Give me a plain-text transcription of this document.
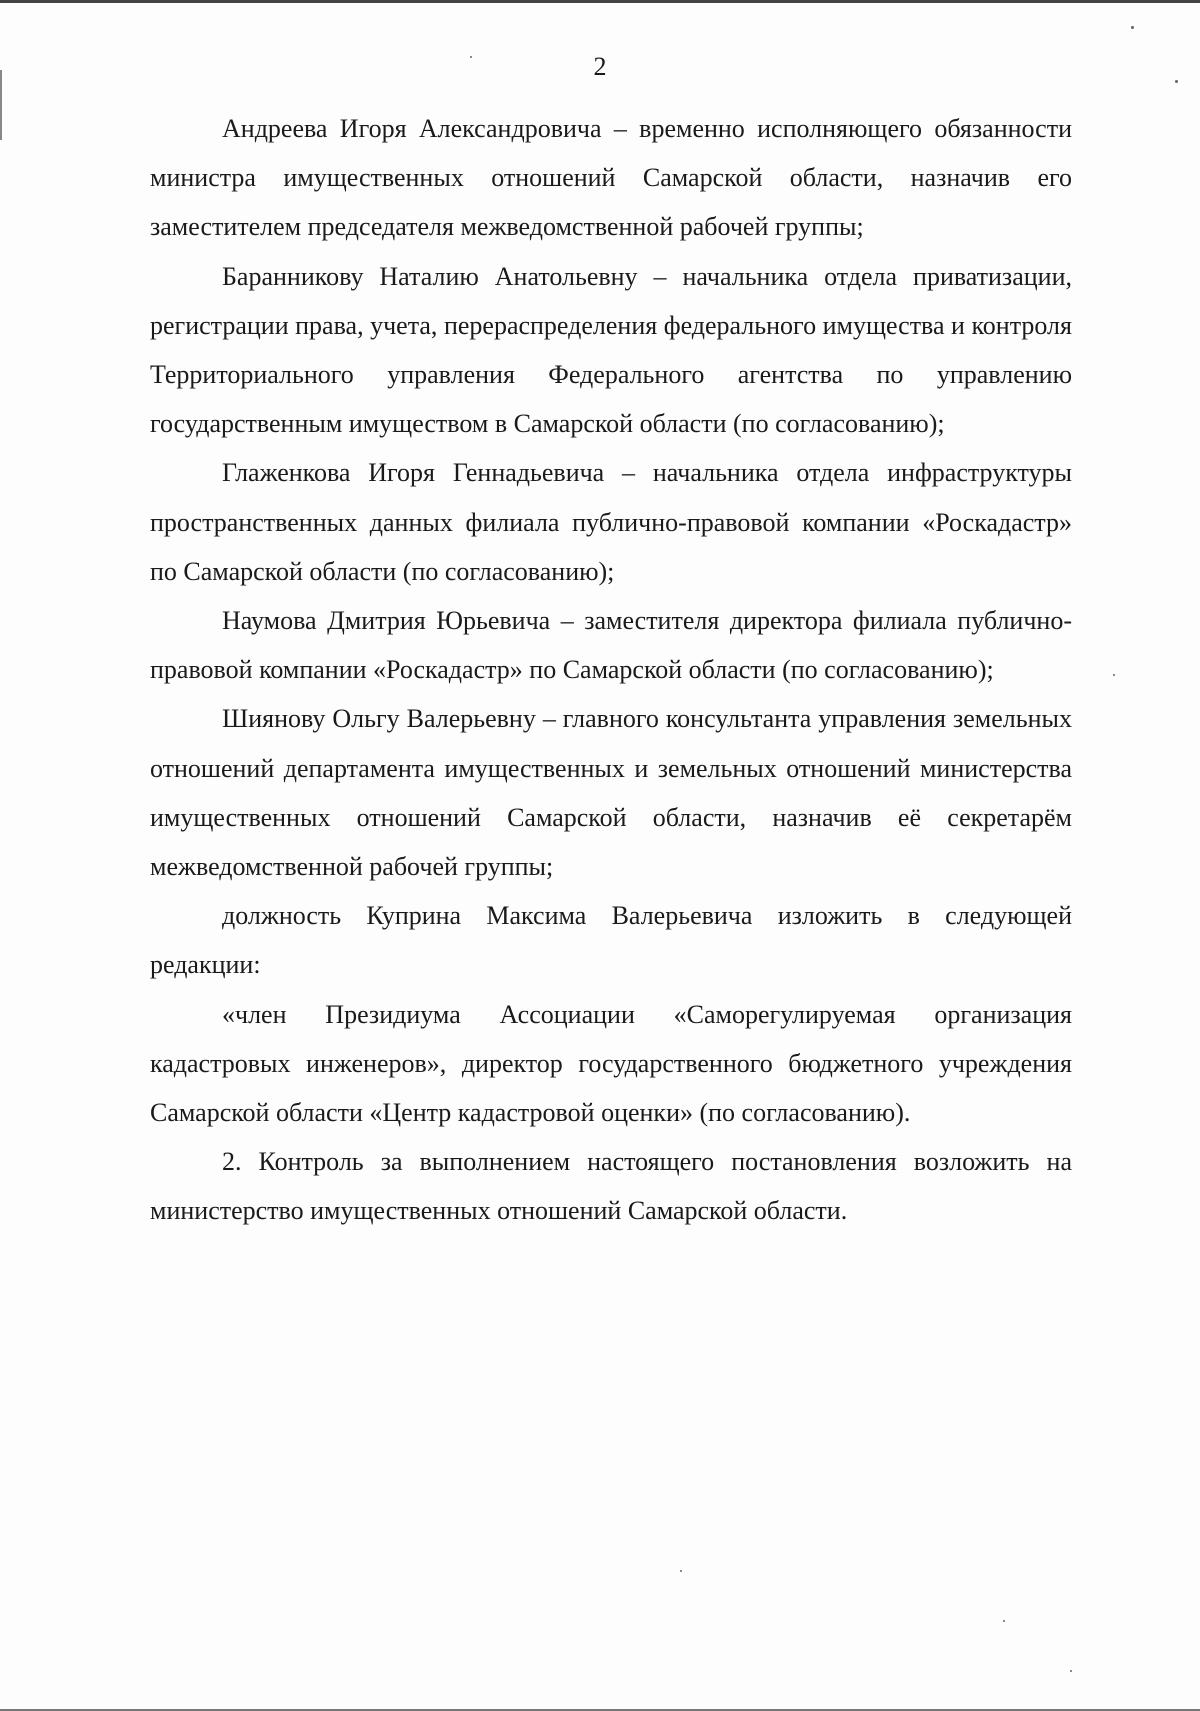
2

Андреева Игоря Александровича – временно исполняющего обязанности министра имущественных отношений Самарской области, назначив его заместителем председателя межведомственной рабочей группы;

Баранникову Наталию Анатольевну – начальника отдела приватизации, регистрации права, учета, перераспределения федерального имущества и контроля Территориального управления Федерального агентства по управлению государственным имуществом в Самарской области (по согласованию);

Глаженкова Игоря Геннадьевича – начальника отдела инфраструктуры пространственных данных филиала публично-правовой компании «Роскадастр» по Самарской области (по согласованию);

Наумова Дмитрия Юрьевича – заместителя директора филиала публично-правовой компании «Роскадастр» по Самарской области (по согласованию);

Шиянову Ольгу Валерьевну – главного консультанта управления земельных отношений департамента имущественных и земельных отношений министерства имущественных отношений Самарской области, назначив её секретарём межведомственной рабочей группы;

должность Куприна Максима Валерьевича изложить в следующей редакции:

«член Президиума Ассоциации «Саморегулируемая организация кадастровых инженеров», директор государственного бюджетного учреждения Самарской области «Центр кадастровой оценки» (по согласованию).

2. Контроль за выполнением настоящего постановления возложить на министерство имущественных отношений Самарской области.
